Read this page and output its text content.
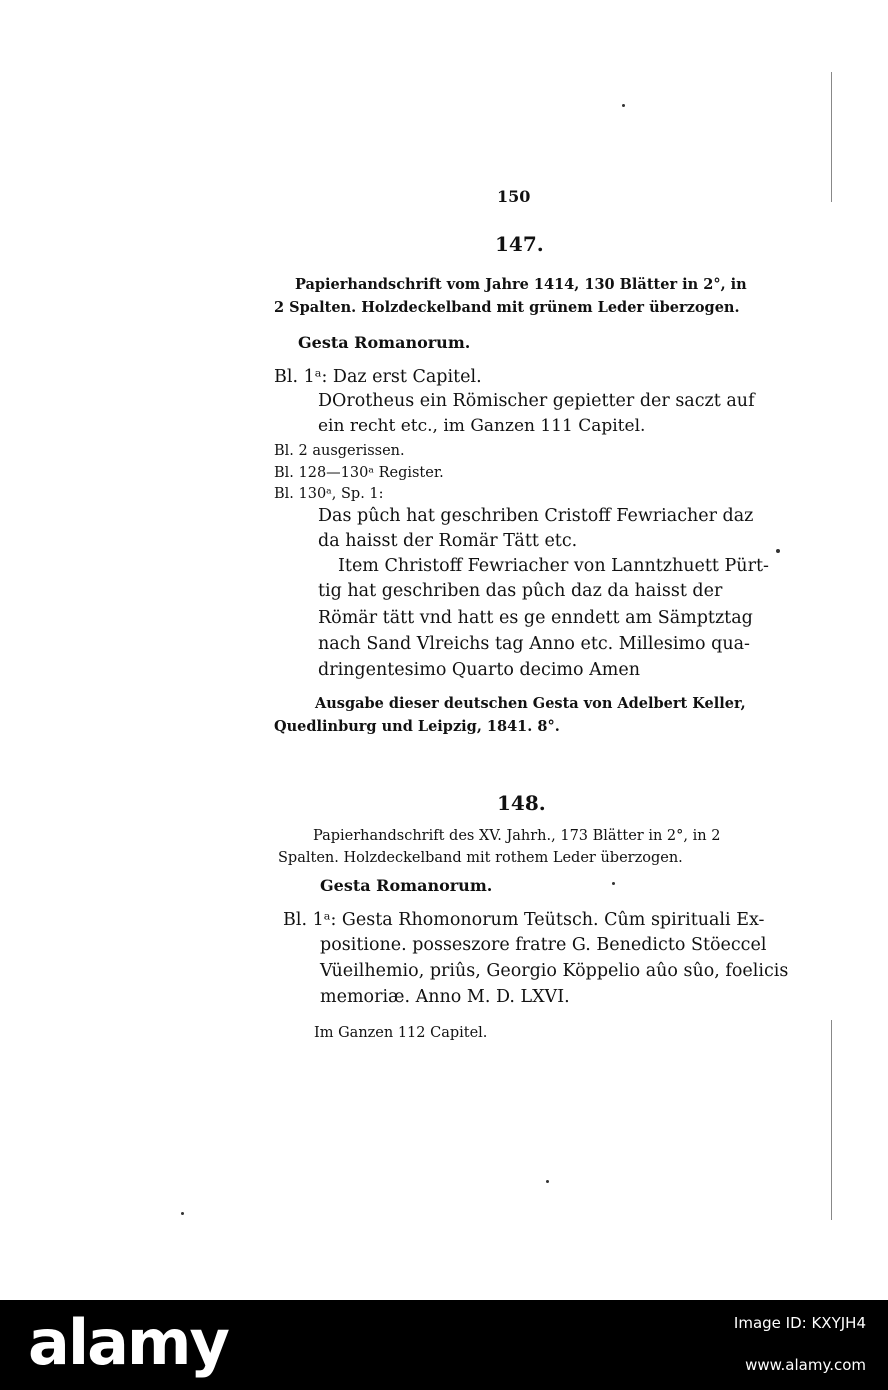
150
147.
Papierhandschrift vom Jahre 1414, 130 Blätter in 2°, in
2 Spalten. Holzdeckelband mit grünem Leder überzogen.
Gesta Romanorum.
Bl. 1ᵃ: Daz erst Capitel.
DOrotheus ein Römischer gepietter der saczt auf
ein recht etc., im Ganzen 111 Capitel.
Bl. 2 ausgerissen.
Bl. 128—130ᵃ Register.
Bl. 130ᵃ, Sp. 1:
Das pûch hat geschriben Cristoff Fewriacher daz
da haisst der Romär Tätt etc.
Item Christoff Fewriacher von Lanntzhuett Pürt-
tig hat geschriben das pûch daz da haisst der
Römär tätt vnd hatt es ge enndett am Sämptztag
nach Sand Vlreichs tag Anno etc. Millesimo qua-
dringentesimo Quarto decimo Amen
Ausgabe dieser deutschen Gesta von Adelbert Keller,
Quedlinburg und Leipzig, 1841. 8°.
148.
Papierhandschrift des XV. Jahrh., 173 Blätter in 2°, in 2
Spalten. Holzdeckelband mit rothem Leder überzogen.
Gesta Romanorum.
Bl. 1ᵃ: Gesta Rhomonorum Teütsch. Cûm spirituali Ex-
positione. posseszore fratre G. Benedicto Stöeccel
Vüeilhemio, priûs, Georgio Köppelio aûo sûo, foelicis
memoriæ. Anno M. D. LXVI.
Im Ganzen 112 Capitel.
alamy	Image ID: KXYJH4
www.alamy.com
